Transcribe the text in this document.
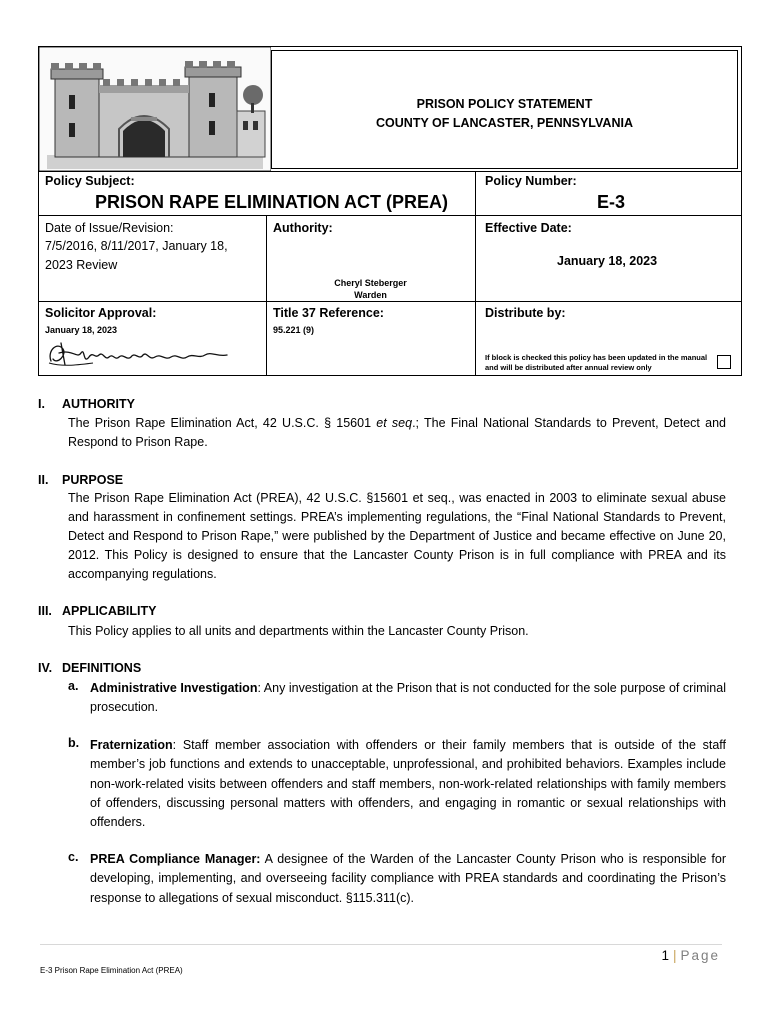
PRISON POLICY STATEMENT
COUNTY OF LANCASTER, PENNSYLVANIA
Policy Subject:
PRISON RAPE ELIMINATION ACT (PREA)
Policy Number:
E-3
Date of Issue/Revision:
7/5/2016, 8/11/2017, January 18,
2023 Review
Authority:
Cheryl Steberger
Warden
Effective Date:
January 18, 2023
Solicitor Approval:
January 18, 2023
Title 37 Reference:
95.221 (9)
Distribute by:
If block is checked this policy has been updated in the manual
and will be distributed after annual review only
I. AUTHORITY
The Prison Rape Elimination Act, 42 U.S.C. § 15601 et seq.; The Final National Standards to Prevent, Detect and Respond to Prison Rape.
II. PURPOSE
The Prison Rape Elimination Act (PREA), 42 U.S.C. §15601 et seq., was enacted in 2003 to eliminate sexual abuse and harassment in confinement settings. PREA’s implementing regulations, the “Final National Standards to Prevent, Detect and Respond to Prison Rape,” were published by the Department of Justice and became effective on June 20, 2012. This Policy is designed to ensure that the Lancaster County Prison is in full compliance with PREA and its accompanying regulations.
III. APPLICABILITY
This Policy applies to all units and departments within the Lancaster County Prison.
IV. DEFINITIONS
a. Administrative Investigation: Any investigation at the Prison that is not conducted for the sole purpose of criminal prosecution.
b. Fraternization: Staff member association with offenders or their family members that is outside of the staff member’s job functions and extends to unacceptable, unprofessional, and prohibited behaviors. Examples include non-work-related visits between offenders and staff members, non-work-related relationships with family members of offenders, discussing personal matters with offenders, and engaging in romantic or sexual relationships with offenders.
c. PREA Compliance Manager: A designee of the Warden of the Lancaster County Prison who is responsible for developing, implementing, and overseeing facility compliance with PREA standards and coordinating the Prison’s response to allegations of sexual misconduct. §115.311(c).
1 | Page
E-3 Prison Rape Elimination Act (PREA)
